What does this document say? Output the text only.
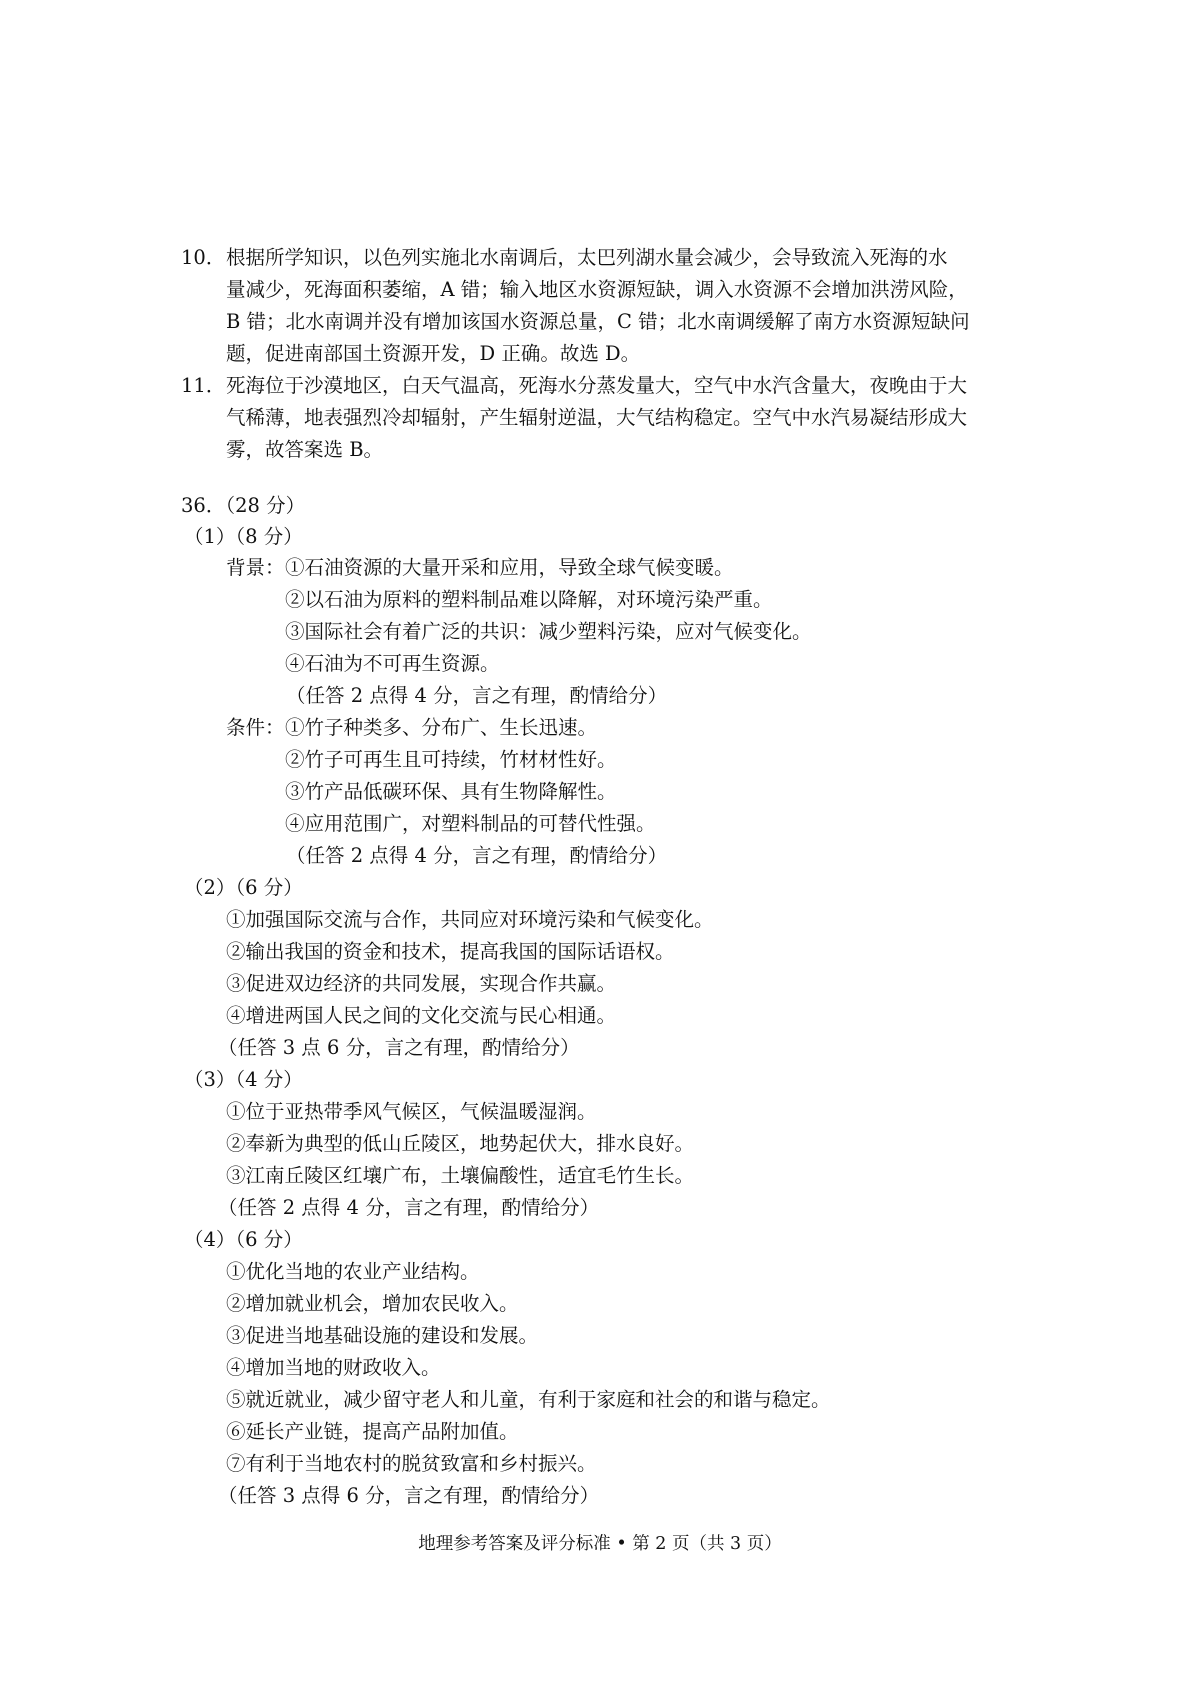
10． 根据所学知识，以色列实施北水南调后，太巴列湖水量会减少，会导致流入死海的水
量减少，死海面积萎缩，A 错；输入地区水资源短缺，调入水资源不会增加洪涝风险，
B 错；北水南调并没有增加该国水资源总量，C 错；北水南调缓解了南方水资源短缺问
题，促进南部国土资源开发，D 正确。故选 D。
11． 死海位于沙漠地区，白天气温高，死海水分蒸发量大，空气中水汽含量大，夜晚由于大
气稀薄，地表强烈冷却辐射，产生辐射逆温，大气结构稳定。空气中水汽易凝结形成大
雾，故答案选 B。
36．（28 分）
（1）（8 分）
背景： ①石油资源的大量开采和应用，导致全球气候变暖。
②以石油为原料的塑料制品难以降解，对环境污染严重。
③国际社会有着广泛的共识：减少塑料污染，应对气候变化。
④石油为不可再生资源。
（任答 2 点得 4 分，言之有理，酌情给分）
条件： ①竹子种类多、分布广、生长迅速。
②竹子可再生且可持续，竹材材性好。
③竹产品低碳环保、具有生物降解性。
④应用范围广，对塑料制品的可替代性强。
（任答 2 点得 4 分，言之有理，酌情给分）
（2）（6 分）
①加强国际交流与合作，共同应对环境污染和气候变化。
②输出我国的资金和技术，提高我国的国际话语权。
③促进双边经济的共同发展，实现合作共赢。
④增进两国人民之间的文化交流与民心相通。
（任答 3 点 6 分，言之有理，酌情给分）
（3）（4 分）
①位于亚热带季风气候区，气候温暖湿润。
②奉新为典型的低山丘陵区，地势起伏大，排水良好。
③江南丘陵区红壤广布，土壤偏酸性，适宜毛竹生长。
（任答 2 点得 4 分，言之有理，酌情给分）
（4）（6 分）
①优化当地的农业产业结构。
②增加就业机会，增加农民收入。
③促进当地基础设施的建设和发展。
④增加当地的财政收入。
⑤就近就业，减少留守老人和儿童，有利于家庭和社会的和谐与稳定。
⑥延长产业链，提高产品附加值。
⑦有利于当地农村的脱贫致富和乡村振兴。
（任答 3 点得 6 分，言之有理，酌情给分）
地理参考答案及评分标准 • 第 2 页（共 3 页）
